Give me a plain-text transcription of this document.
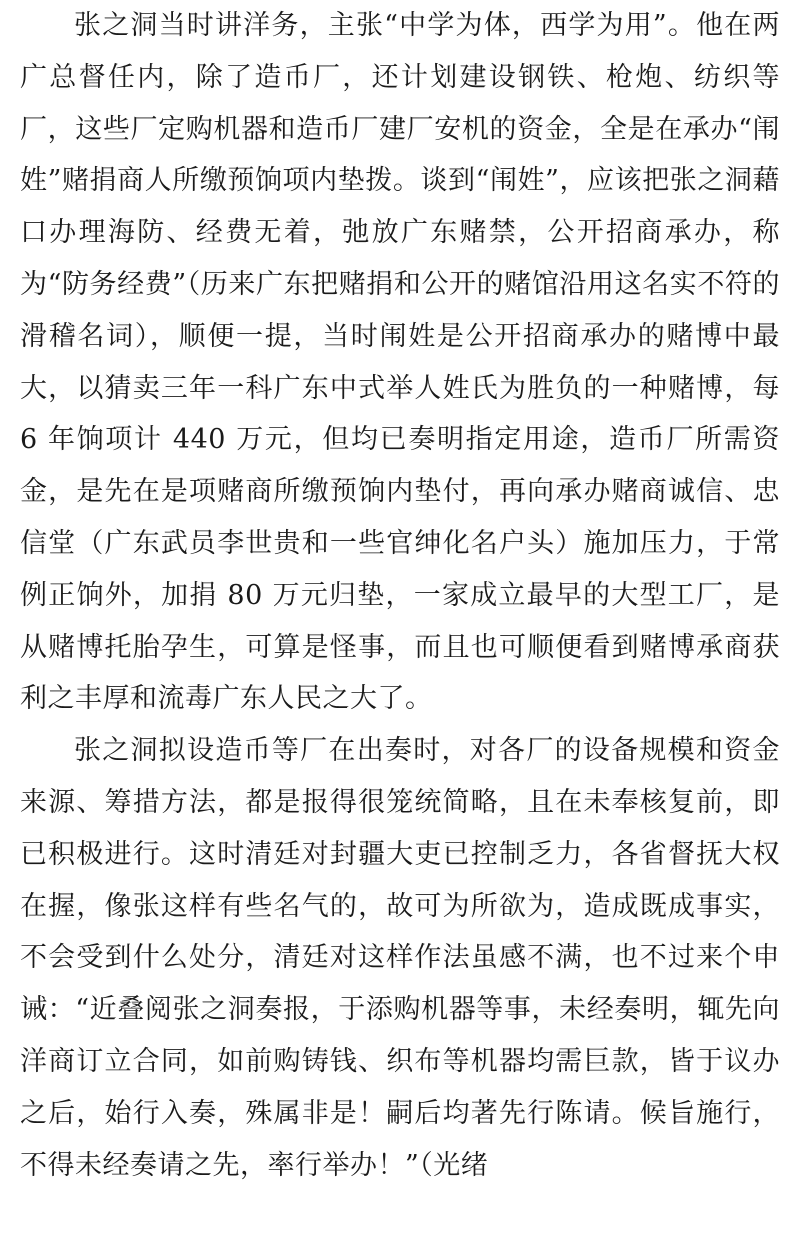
张之洞当时讲洋务，主张“中学为体，西学为用”。他在两广总督任内，除了造币厂，还计划建设钢铁、枪炮、纺织等厂，这些厂定购机器和造币厂建厂安机的资金，全是在承办“闱姓”赌捐商人所缴预饷项内垫拨。谈到“闱姓”，应该把张之洞藉口办理海防、经费无着，弛放广东赌禁，公开招商承办，称为“防务经费”（历来广东把赌捐和公开的赌馆沿用这名实不符的滑稽名词），顺便一提，当时闱姓是公开招商承办的赌博中最大，以猜卖三年一科广东中式举人姓氏为胜负的一种赌博，每 6 年饷项计 440 万元，但均已奏明指定用途，造币厂所需资金，是先在是项赌商所缴预饷内垫付，再向承办赌商诚信、忠信堂（广东武员李世贵和一些官绅化名户头）施加压力，于常例正饷外，加捐 80 万元归垫，一家成立最早的大型工厂，是从赌博托胎孕生，可算是怪事，而且也可顺便看到赌博承商获利之丰厚和流毒广东人民之大了。

张之洞拟设造币等厂在出奏时，对各厂的设备规模和资金来源、筹措方法，都是报得很笼统简略，且在未奉核复前，即已积极进行。这时清廷对封疆大吏已控制乏力，各省督抚大权在握，像张这样有些名气的，故可为所欲为，造成既成事实，不会受到什么处分，清廷对这样作法虽感不满，也不过来个申诫：“近叠阅张之洞奏报，于添购机器等事，未经奏明，辄先向洋商订立合同，如前购铸钱、织布等机器均需巨款，皆于议办之后，始行入奏，殊属非是！嗣后均著先行陈请。候旨施行，不得未经奏请之先，率行举办！”（光绪
